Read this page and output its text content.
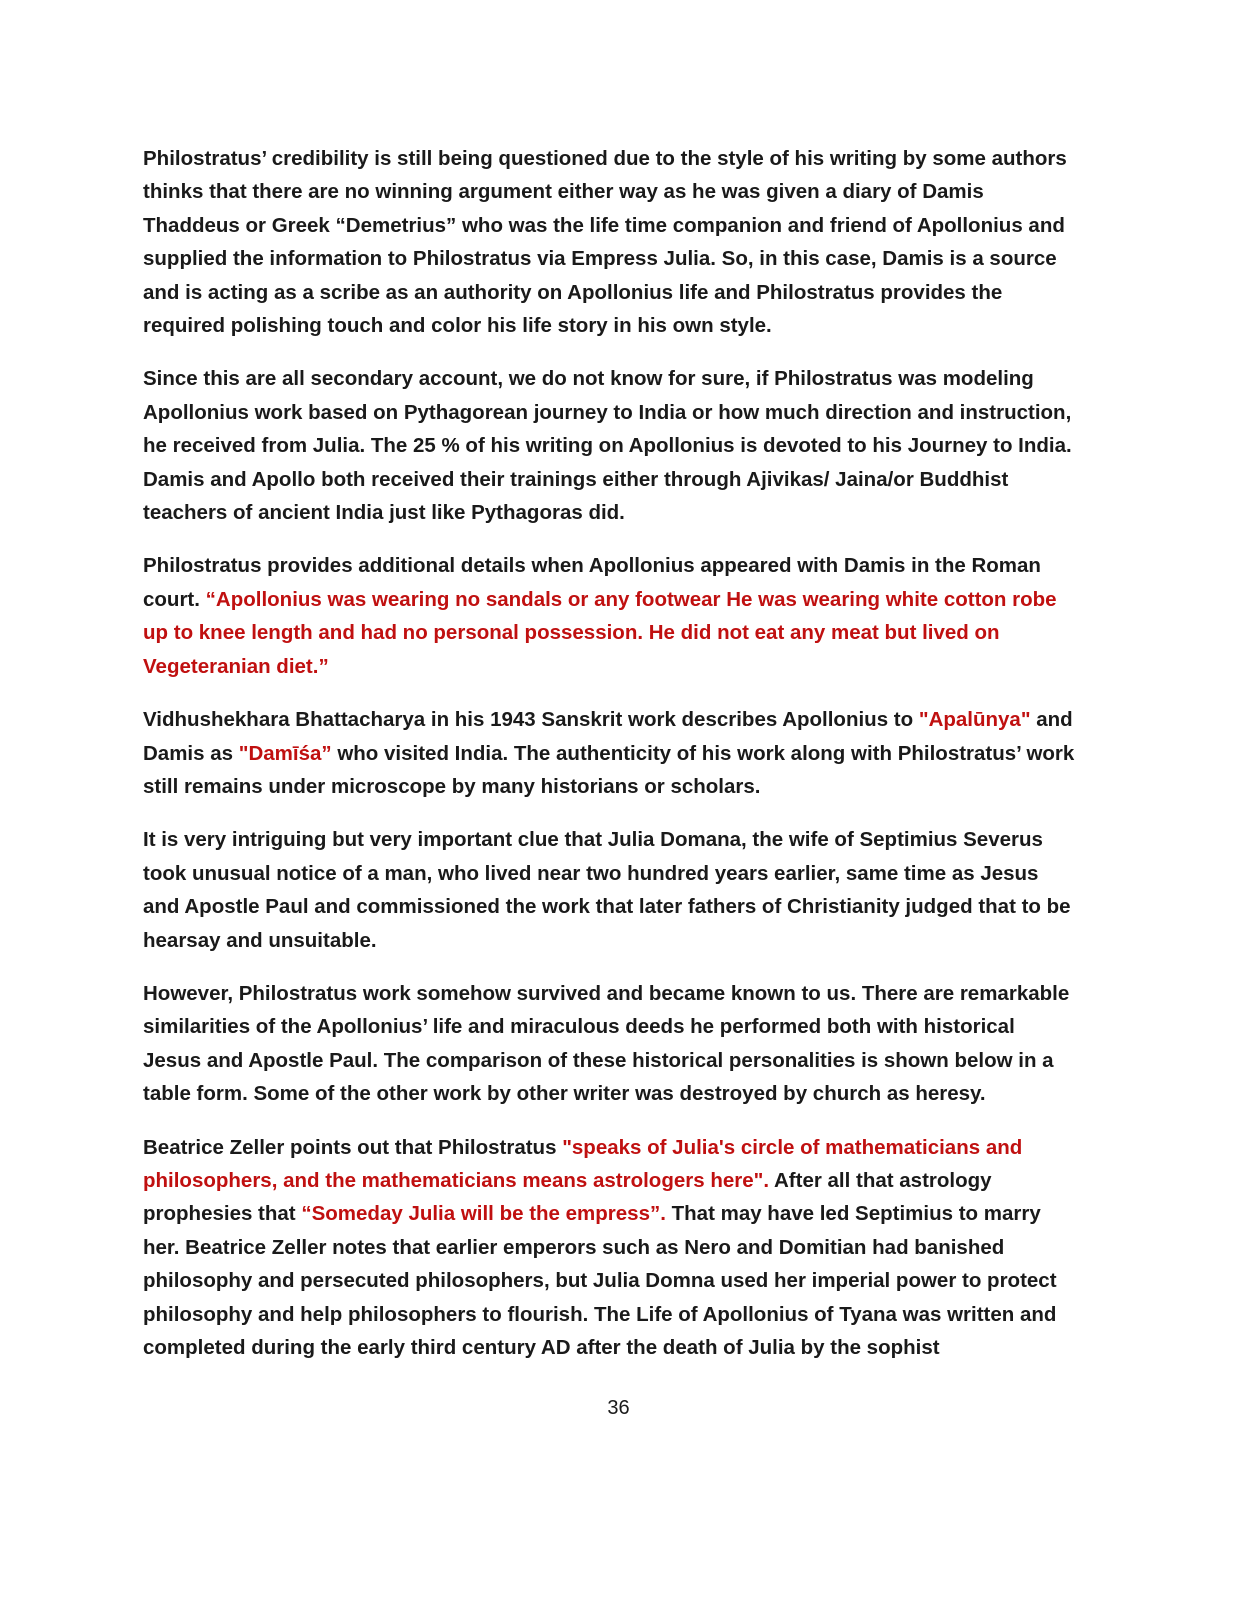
Philostratus’ credibility is still being questioned due to the style of his writing by some authors thinks that there are no winning argument either way as he was given a diary of Damis Thaddeus or Greek “Demetrius” who was the life time companion and friend of Apollonius and supplied the information to Philostratus via Empress Julia. So, in this case, Damis is a source and is acting as a scribe as an authority on Apollonius life and Philostratus provides the required polishing touch and color his life story in his own style.

Since this are all secondary account, we do not know for sure, if Philostratus was modeling Apollonius work based on Pythagorean journey to India or how much direction and instruction, he received from Julia. The 25 % of his writing on Apollonius is devoted to his Journey to India. Damis and Apollo both received their trainings either through Ajivikas/ Jaina/or Buddhist teachers of ancient India just like Pythagoras did.

Philostratus provides additional details when Apollonius appeared with Damis in the Roman court. “Apollonius was wearing no sandals or any footwear He was wearing white cotton robe up to knee length and had no personal possession. He did not eat any meat but lived on Vegeteranian diet.”

Vidhushekhara Bhattacharya in his 1943 Sanskrit work describes Apollonius to "Apalūnya" and Damis as "Damīśa” who visited India. The authenticity of his work along with Philostratus’ work still remains under microscope by many historians or scholars.

It is very intriguing but very important clue that Julia Domana, the wife of Septimius Severus took unusual notice of a man, who lived near two hundred years earlier, same time as Jesus and Apostle Paul and commissioned the work that later fathers of Christianity judged that to be hearsay and unsuitable.

However, Philostratus work somehow survived and became known to us. There are remarkable similarities of the Apollonius’ life and miraculous deeds he performed both with historical Jesus and Apostle Paul. The comparison of these historical personalities is shown below in a table form. Some of the other work by other writer was destroyed by church as heresy.

Beatrice Zeller points out that Philostratus "speaks of Julia's circle of mathematicians and philosophers, and the mathematicians means astrologers here". After all that astrology prophesies that “Someday Julia will be the empress”. That may have led Septimius to marry her. Beatrice Zeller notes that earlier emperors such as Nero and Domitian had banished philosophy and persecuted philosophers, but Julia Domna used her imperial power to protect philosophy and help philosophers to flourish. The Life of Apollonius of Tyana was written and completed during the early third century AD after the death of Julia by the sophist

36
